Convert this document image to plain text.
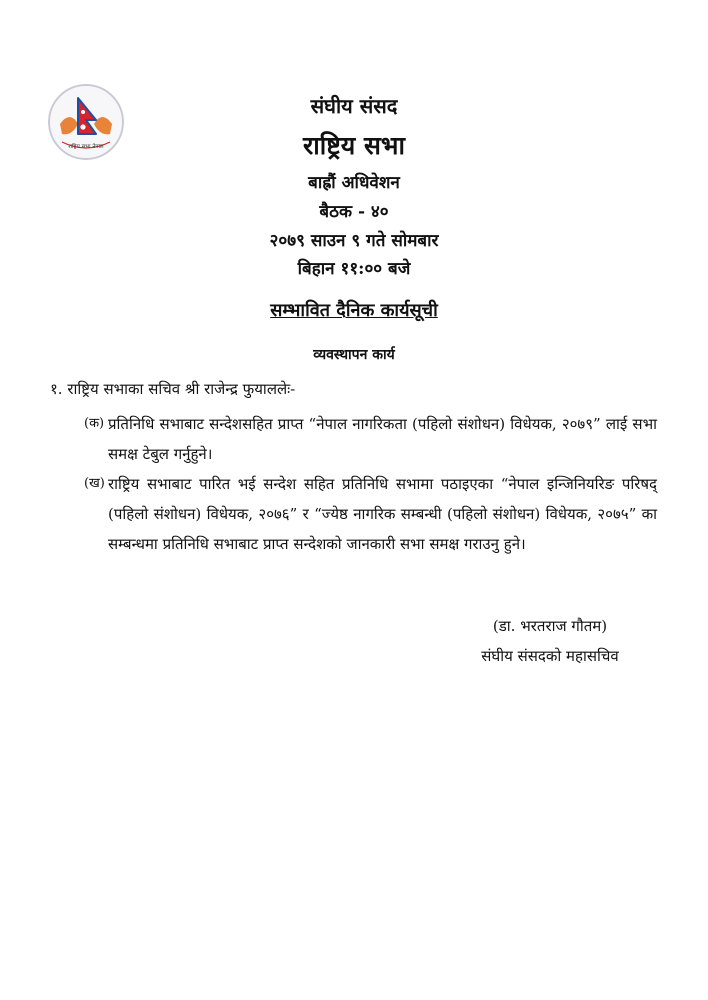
राष्ट्रिय सभा नेपाल
संघीय संसद
राष्ट्रिय सभा
बाह्रौं अधिवेशन
बैठक - ४०
२०७९ साउन ९ गते सोमबार
बिहान ११:०० बजे
सम्भावित दैनिक कार्यसूची
व्यवस्थापन कार्य
१. राष्ट्रिय सभाका सचिव श्री राजेन्द्र फुयाललेः-
(क) प्रतिनिधि सभाबाट सन्देशसहित प्राप्त “नेपाल नागरिकता (पहिलो संशोधन) विधेयक, २०७९” लाई सभा समक्ष टेबुल गर्नुहुने।
(ख) राष्ट्रिय सभाबाट पारित भई सन्देश सहित प्रतिनिधि सभामा पठाइएका “नेपाल इन्जिनियरिङ परिषद् (पहिलो संशोधन) विधेयक, २०७६” र “ज्येष्ठ नागरिक सम्बन्धी (पहिलो संशोधन) विधेयक, २०७५” का सम्बन्धमा प्रतिनिधि सभाबाट प्राप्त सन्देशको जानकारी सभा समक्ष गराउनु हुने।
(डा. भरतराज गौतम)
संघीय संसदको महासचिव
